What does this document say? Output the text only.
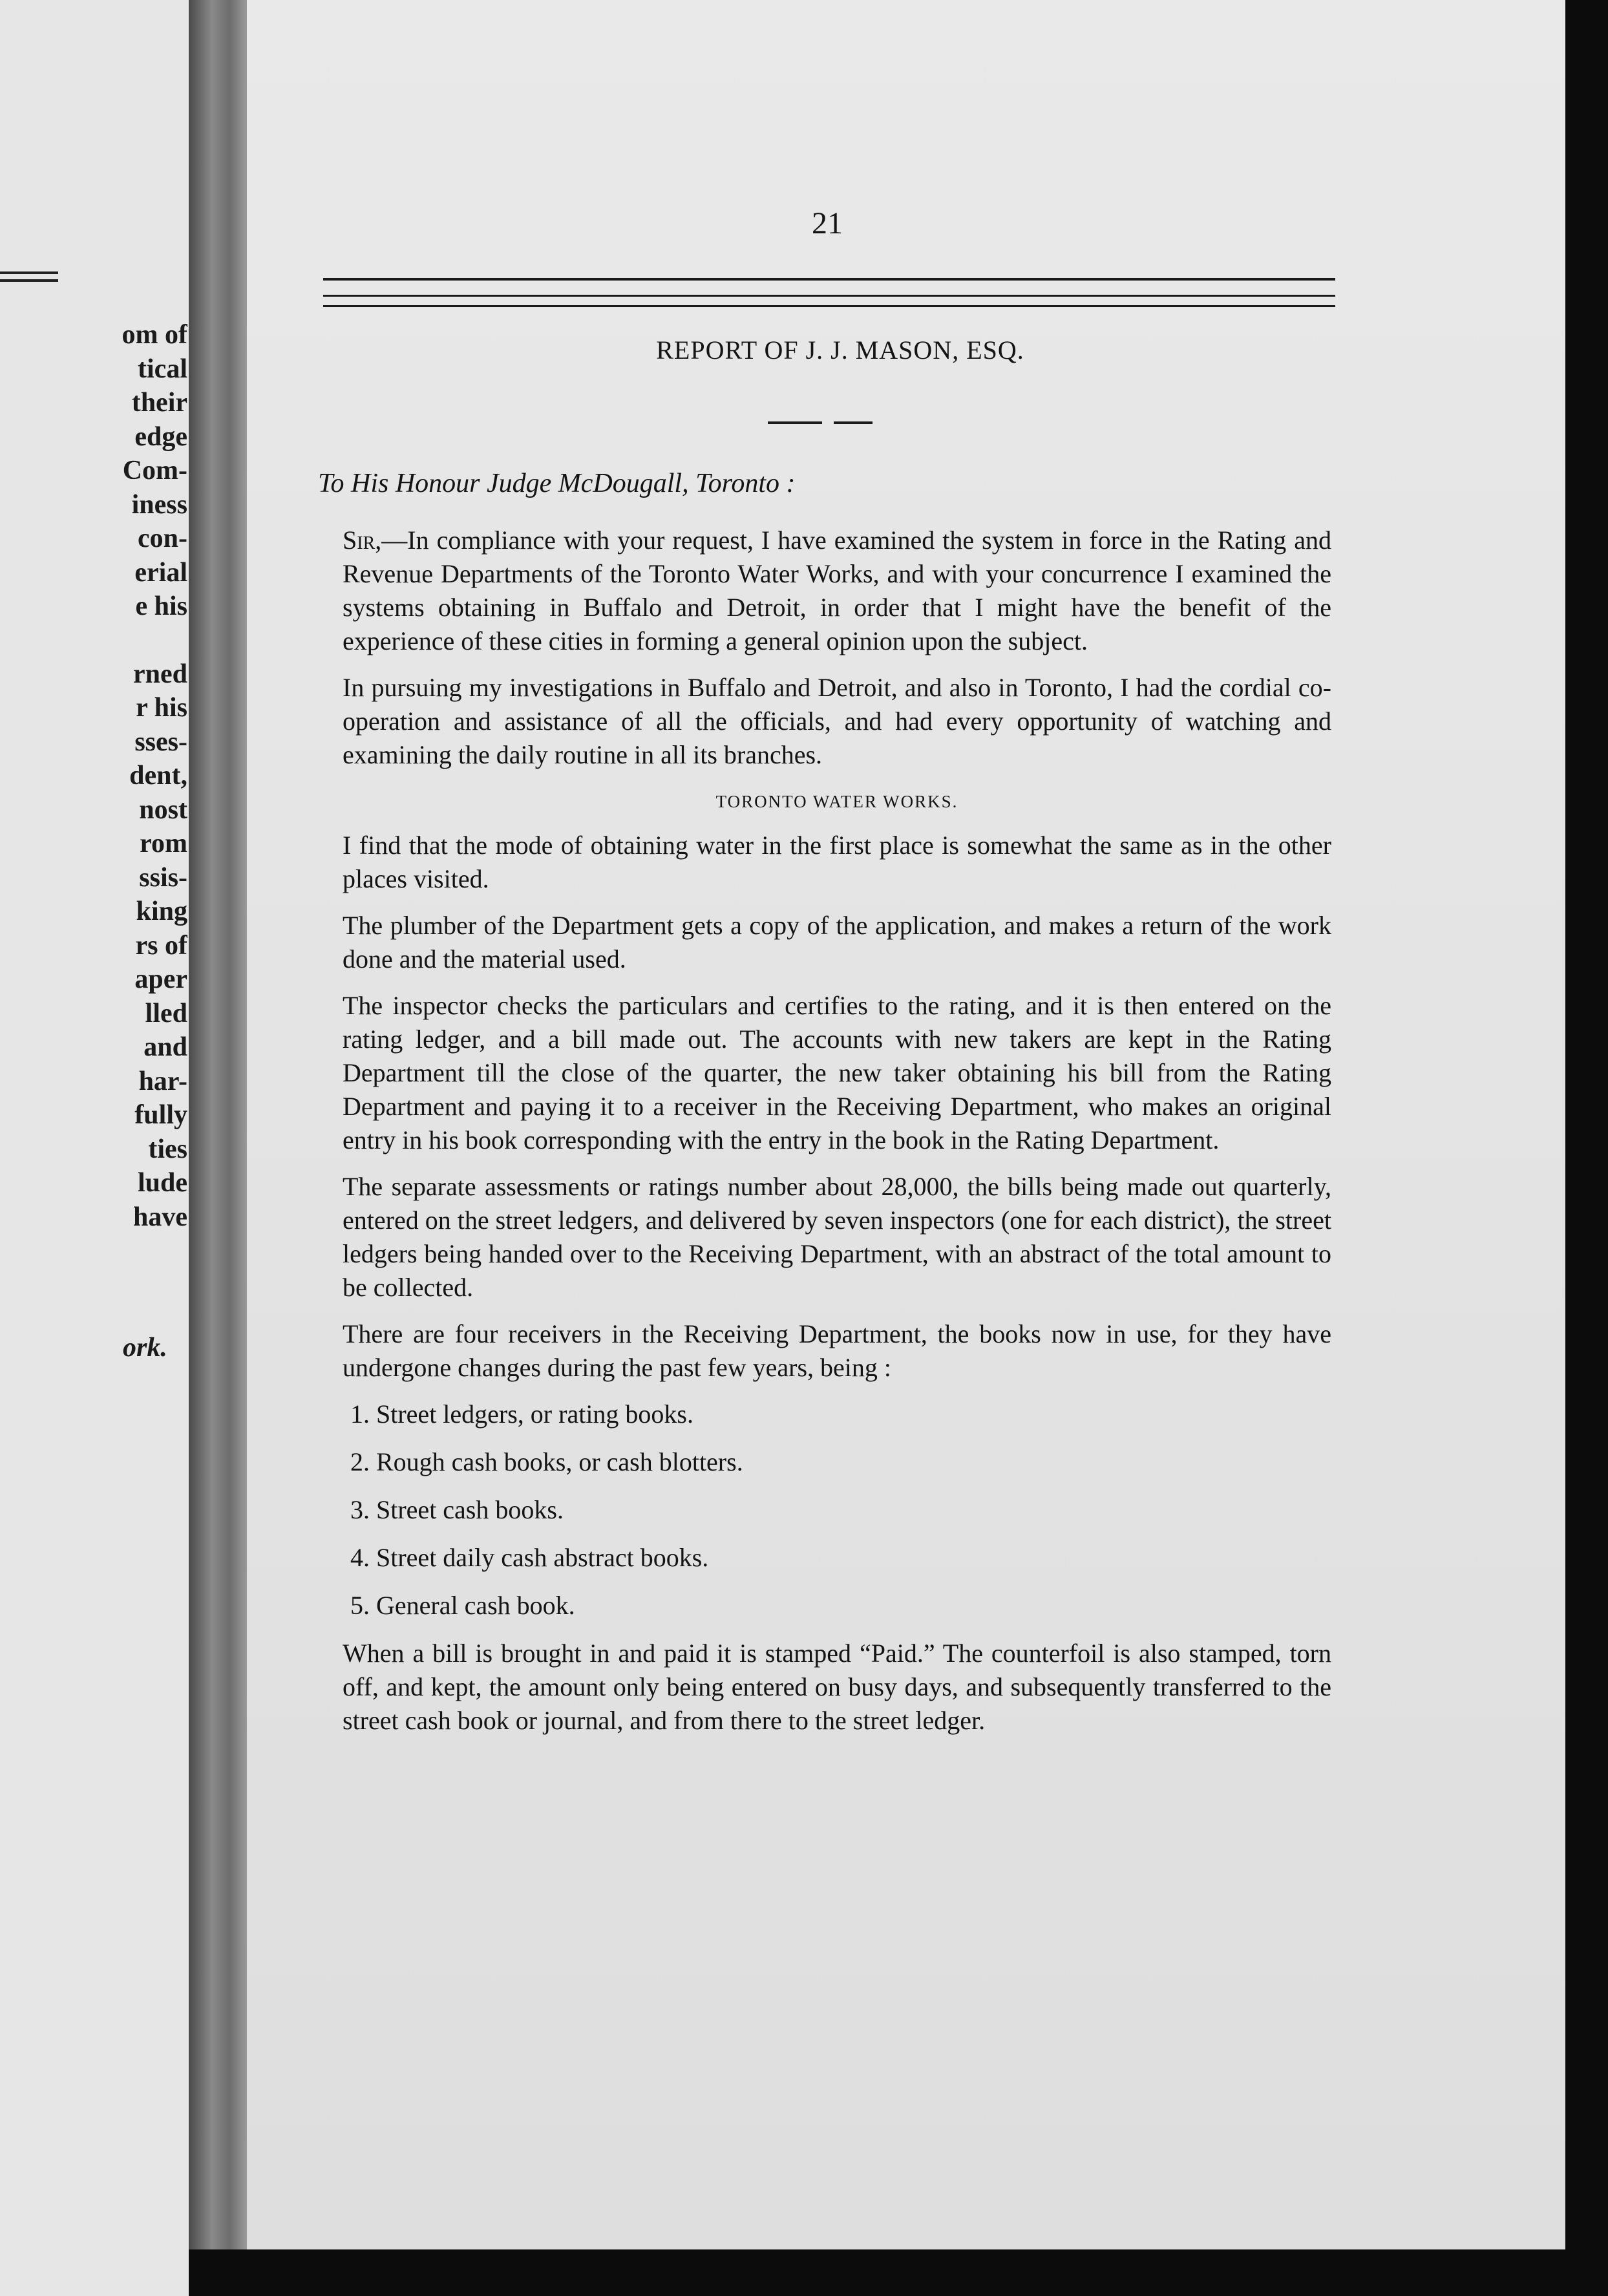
om of
tical
their
edge
Com-
iness
con-
erial
e his
rned
r his
sses-
dent,
nost
rom
ssis-
king
rs of
aper
lled
and
har-
fully
ties
lude
have
ork.
21
REPORT OF J. J. MASON, ESQ.
To His Honour Judge McDougall, Toronto :

Sir,—In compliance with your request, I have examined the system in force in the Rating and Revenue Departments of the Toronto Water Works, and with your concurrence I examined the systems obtaining in Buffalo and Detroit, in order that I might have the benefit of the experience of these cities in forming a general opinion upon the subject.

In pursuing my investigations in Buffalo and Detroit, and also in Toronto, I had the cordial co-operation and assistance of all the officials, and had every opportunity of watching and examining the daily routine in all its branches.

TORONTO WATER WORKS.

I find that the mode of obtaining water in the first place is somewhat the same as in the other places visited.

The plumber of the Department gets a copy of the application, and makes a return of the work done and the material used.

The inspector checks the particulars and certifies to the rating, and it is then entered on the rating ledger, and a bill made out. The accounts with new takers are kept in the Rating Department till the close of the quarter, the new taker obtaining his bill from the Rating Department and paying it to a receiver in the Receiving Department, who makes an original entry in his book corresponding with the entry in the book in the Rating Department.

The separate assessments or ratings number about 28,000, the bills being made out quarterly, entered on the street ledgers, and delivered by seven inspectors (one for each district), the street ledgers being handed over to the Receiving Department, with an abstract of the total amount to be collected.

There are four receivers in the Receiving Department, the books now in use, for they have undergone changes during the past few years, being :

1. Street ledgers, or rating books.
2. Rough cash books, or cash blotters.
3. Street cash books.
4. Street daily cash abstract books.
5. General cash book.

When a bill is brought in and paid it is stamped “Paid.” The counterfoil is also stamped, torn off, and kept, the amount only being entered on busy days, and subsequently transferred to the street cash book or journal, and from there to the street ledger.
